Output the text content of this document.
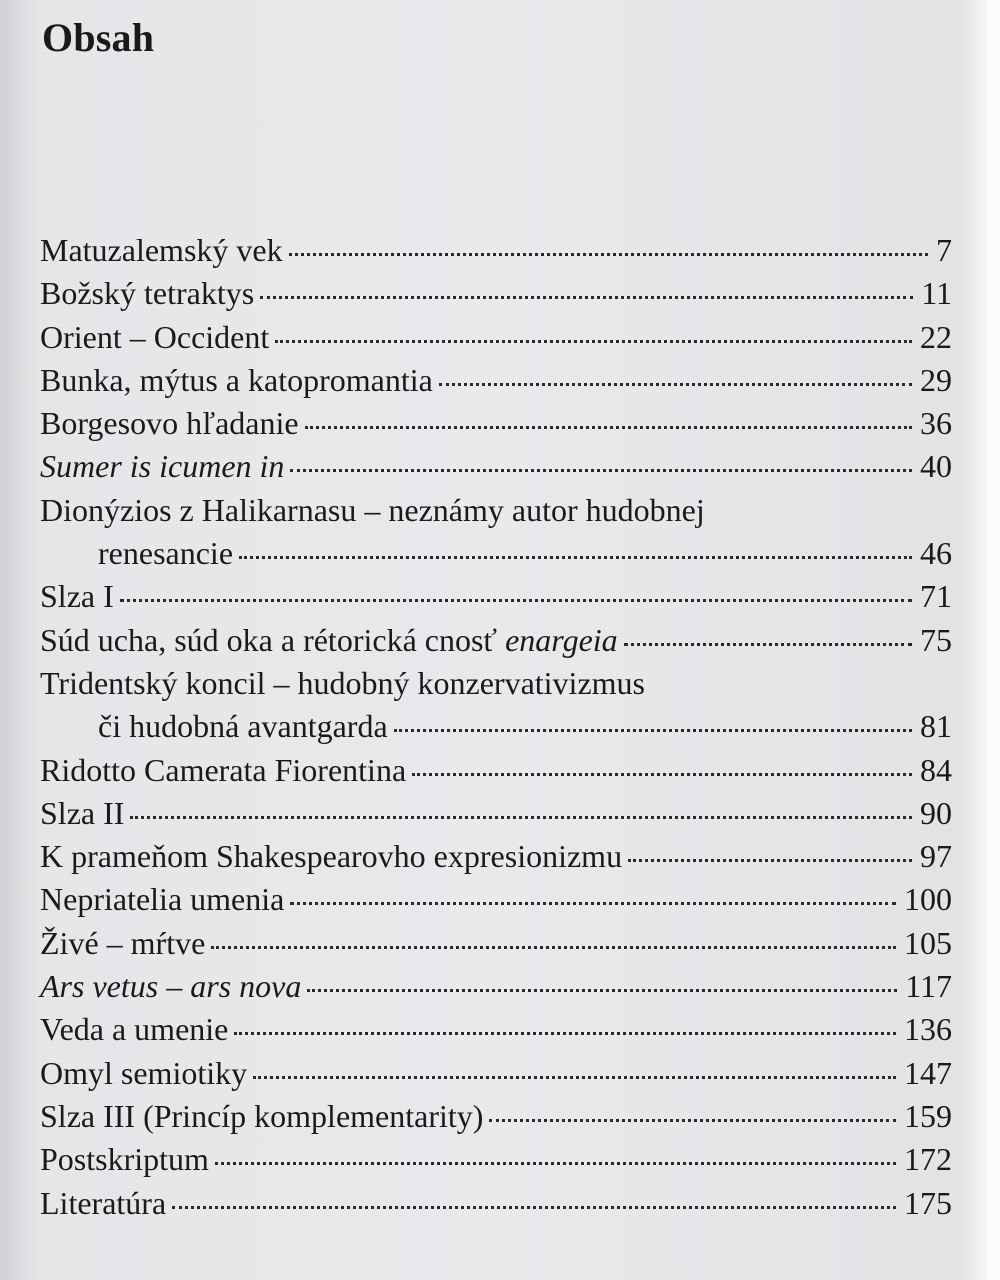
Obsah
Matuzalemský vek	7
Božský tetraktys	11
Orient – Occident	22
Bunka, mýtus a katopromantia	29
Borgesovo hľadanie	36
Sumer is icumen in	40
Dionýzios z Halikarnasu – neznámy autor hudobnej
renesancie	46
Slza I	71
Súd ucha, súd oka a rétorická cnosť enargeia	75
Tridentský koncil – hudobný konzervativizmus
či hudobná avantgarda	81
Ridotto Camerata Fiorentina	84
Slza II	90
K prameňom Shakespearovho expresionizmu	97
Nepriatelia umenia	100
Živé – mŕtve	105
Ars vetus – ars nova	117
Veda a umenie	136
Omyl semiotiky	147
Slza III (Princíp komplementarity)	159
Postskriptum	172
Literatúra	175
